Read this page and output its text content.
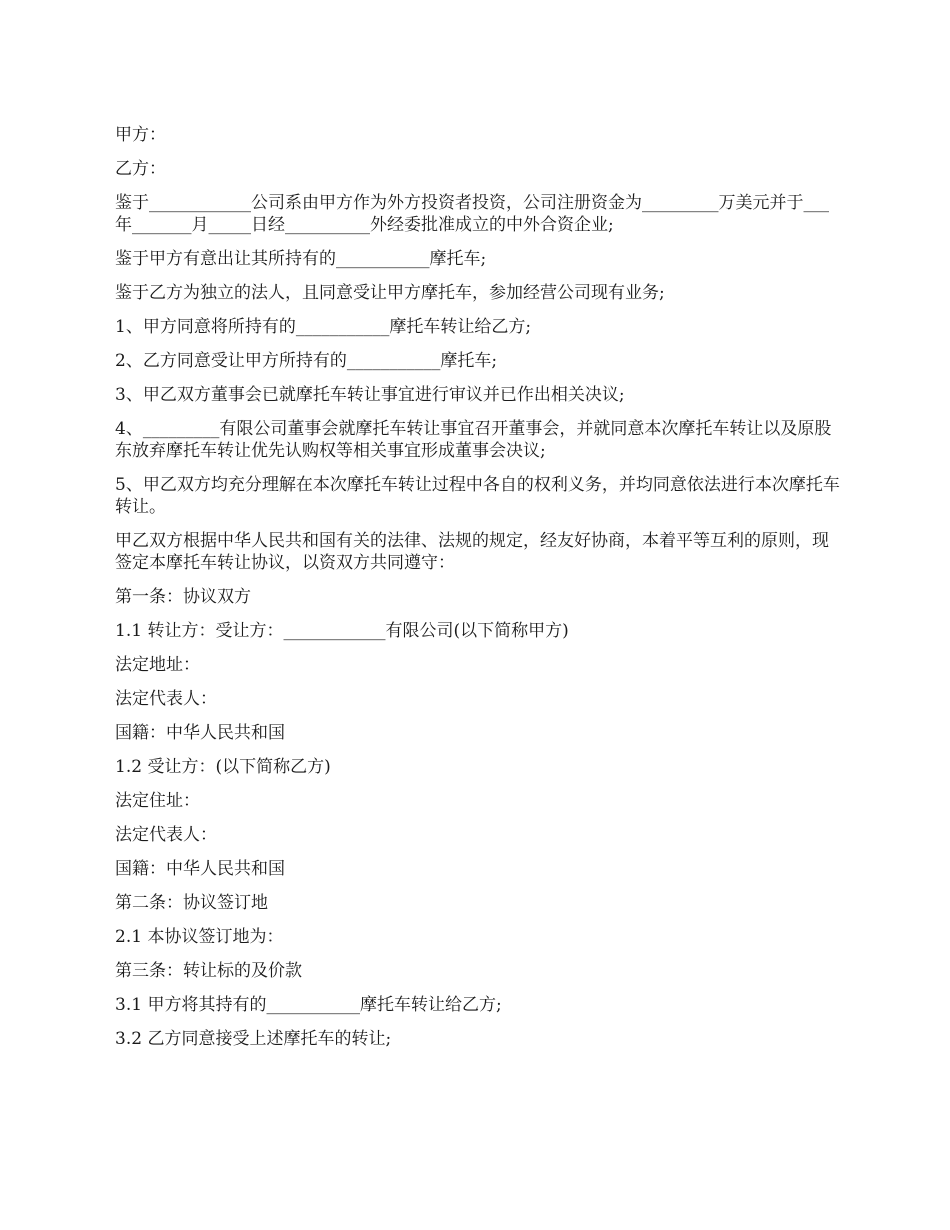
甲方：

乙方：

鉴于____________公司系由甲方作为外方投资者投资，公司注册资金为_________万美元并于___年_______月_____日经__________外经委批准成立的中外合资企业;

鉴于甲方有意出让其所持有的___________摩托车;

鉴于乙方为独立的法人，且同意受让甲方摩托车，参加经营公司现有业务;

1、甲方同意将所持有的___________摩托车转让给乙方;

2、乙方同意受让甲方所持有的___________摩托车;

3、甲乙双方董事会已就摩托车转让事宜进行审议并已作出相关决议;

4、_________有限公司董事会就摩托车转让事宜召开董事会，并就同意本次摩托车转让以及原股东放弃摩托车转让优先认购权等相关事宜形成董事会决议;

5、甲乙双方均充分理解在本次摩托车转让过程中各自的权利义务，并均同意依法进行本次摩托车转让。

甲乙双方根据中华人民共和国有关的法律、法规的规定，经友好协商，本着平等互利的原则，现签定本摩托车转让协议，以资双方共同遵守：

第一条：协议双方

1.1 转让方：受让方：____________有限公司(以下简称甲方)

法定地址：

法定代表人：

国籍：中华人民共和国

1.2 受让方：(以下简称乙方)

法定住址：

法定代表人：

国籍：中华人民共和国

第二条：协议签订地

2.1 本协议签订地为：

第三条：转让标的及价款

3.1 甲方将其持有的___________摩托车转让给乙方;

3.2 乙方同意接受上述摩托车的转让;
